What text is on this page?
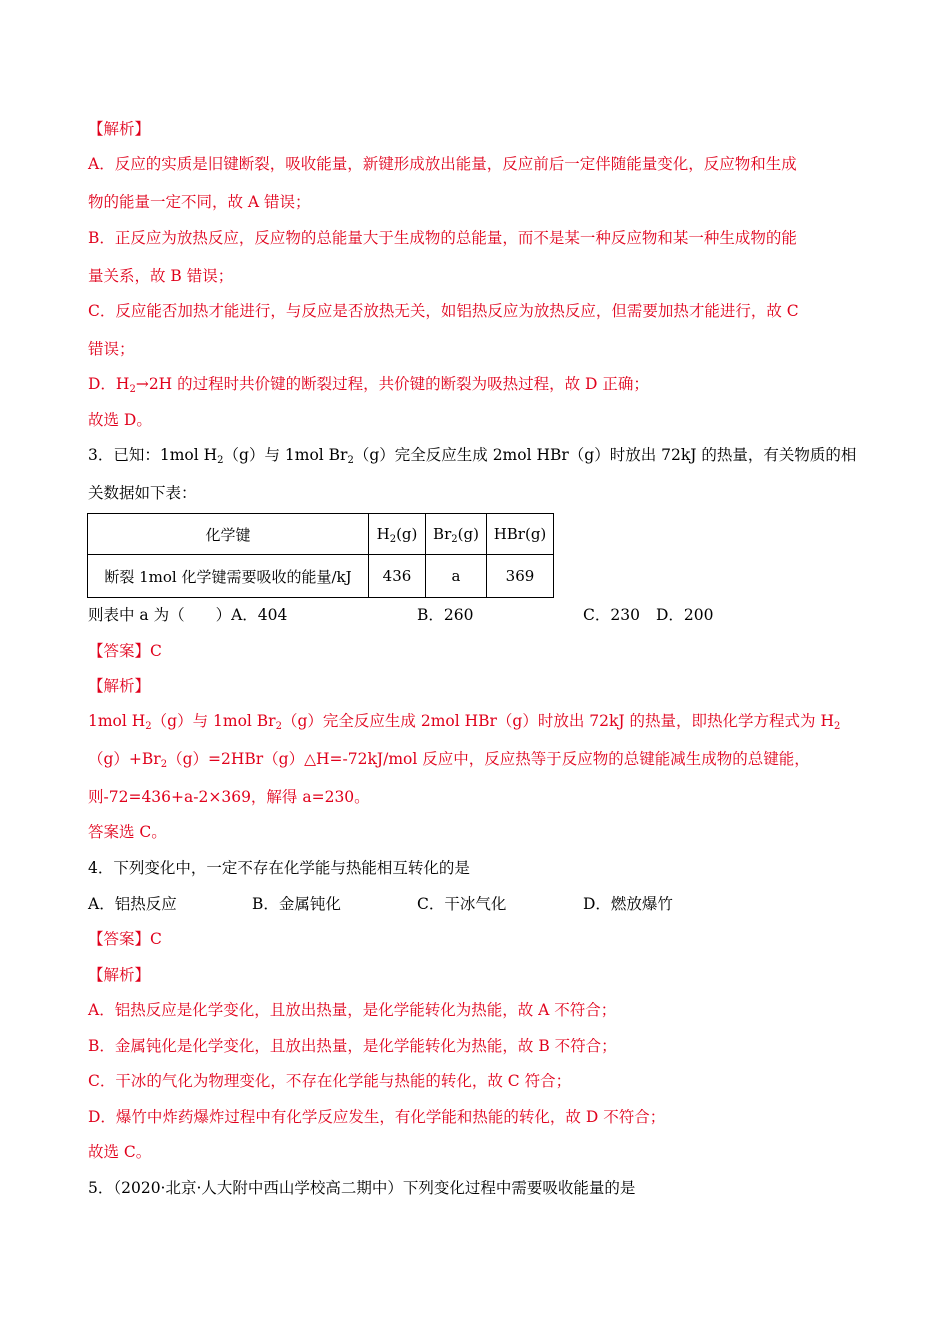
【解析】
A．反应的实质是旧键断裂，吸收能量，新键形成放出能量，反应前后一定伴随能量变化，反应物和生成
物的能量一定不同，故 A 错误；
B．正反应为放热反应，反应物的总能量大于生成物的总能量，而不是某一种反应物和某一种生成物的能
量关系，故 B 错误；
C．反应能否加热才能进行，与反应是否放热无关，如铝热反应为放热反应，但需要加热才能进行，故 C
错误；
D．$H_2\to 2H$ 的过程时共价键的断裂过程，共价键的断裂为吸热过程，故 D 正确；
故选 D。
3．已知：1mol $H_2(g)$与 1mol $Br_2(g)$完全反应生成 2mol HBr（g）时放出 72kJ 的热量，有关物质的相
关数据如下表：
化学键	$H_2(g)$	$Br_2(g)$	HBr(g)
断裂 1mol 化学键需要吸收的能量/kJ	436	a	369
则表中 a 为（　　）A．404	B．260	C．230 D．200
【答案】C
【解析】
1mol $H_2(g)$与 1mol $Br_2(g)$完全反应生成 2mol HBr（g）时放出 72kJ 的热量，即热化学方程式为 $H_2$
$(g)+Br_2(g)=2HBr(g)\triangle H=-72kJ$/mol 反应中，反应热等于反应物的总键能减生成物的总键能，
则-72=436+a-2×369，解得 a=230。
答案选 C。
4．下列变化中，一定不存在化学能与热能相互转化的是
A．铝热反应	B．金属钝化	C．干冰气化	D．燃放爆竹
【答案】C
【解析】
A．铝热反应是化学变化，且放出热量，是化学能转化为热能，故 A 不符合；
B．金属钝化是化学变化，且放出热量，是化学能转化为热能，故 B 不符合；
C．干冰的气化为物理变化，不存在化学能与热能的转化，故 C 符合；
D．爆竹中炸药爆炸过程中有化学反应发生，有化学能和热能的转化，故 D 不符合；
故选 C。
5．（2020·北京·人大附中西山学校高二期中）下列变化过程中需要吸收能量的是
